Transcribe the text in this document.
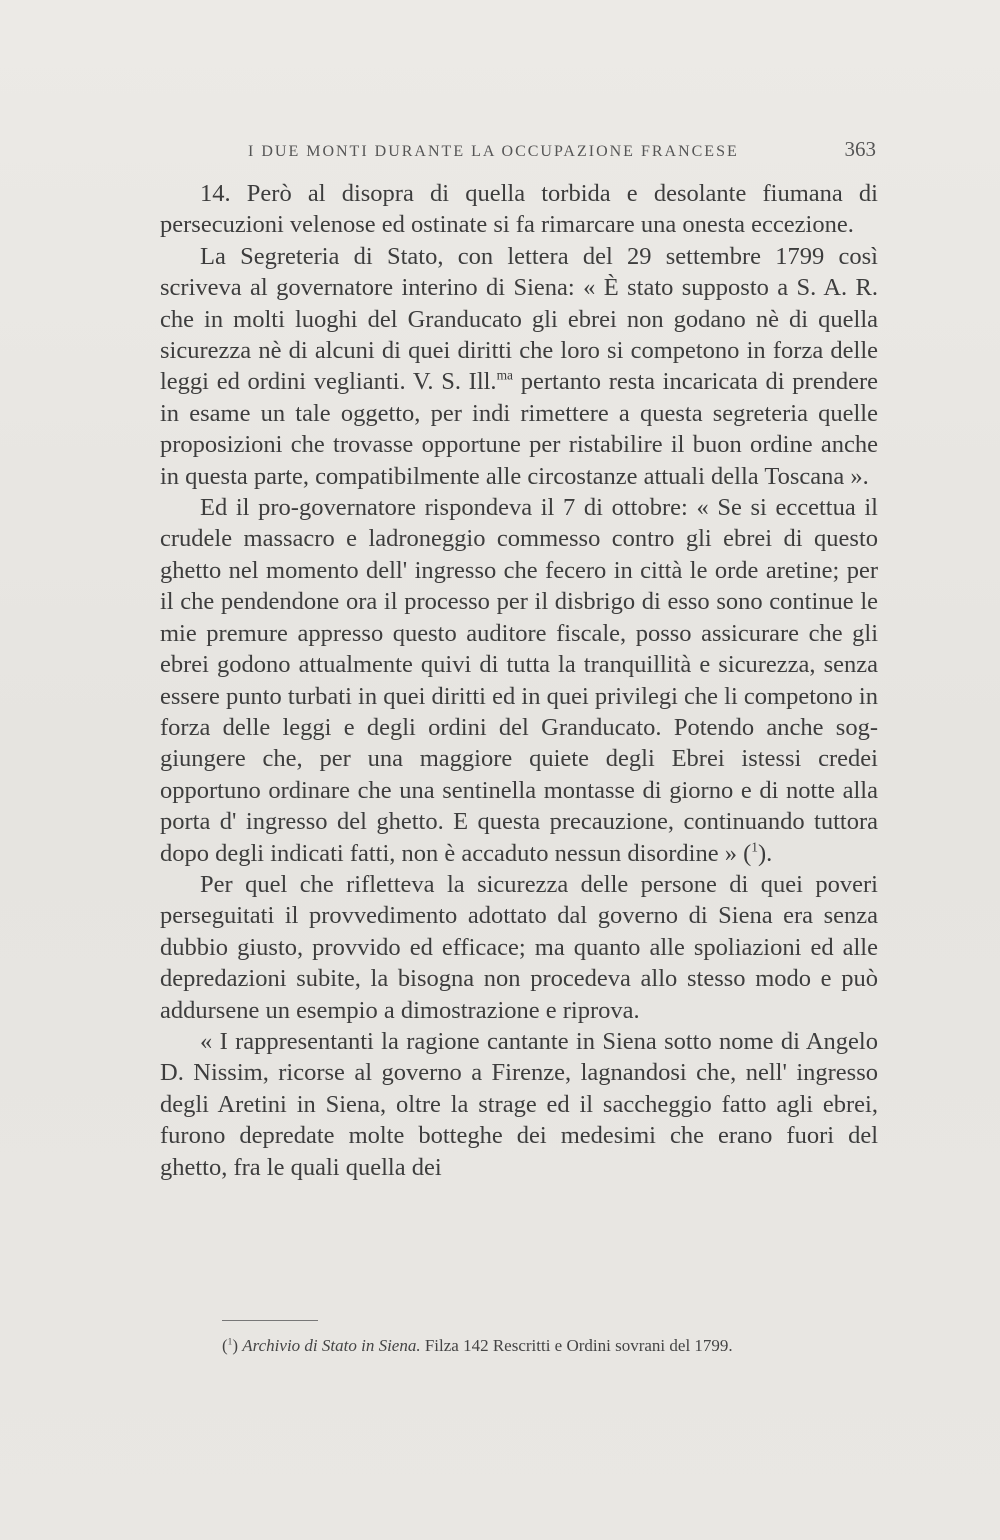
I DUE MONTI DURANTE LA OCCUPAZIONE FRANCESE	363

14. Però al disopra di quella torbida e desolante fiumana di persecuzioni velenose ed ostinate si fa rimarcare una onesta eccezione.

La Segreteria di Stato, con lettera del 29 settembre 1799 così scriveva al governatore interino di Siena: « È stato supposto a S. A. R. che in molti luoghi del Granducato gli ebrei non godano nè di quella sicurezza nè di alcuni di quei diritti che loro si competono in forza delle leggi ed ordini veglianti. V. S. Ill.$^{ma}$ pertanto resta incaricata di prendere in esame un tale oggetto, per indi rimettere a questa segreteria quelle proposizioni che trovasse opportune per ristabilire il buon ordine anche in questa parte, compatibilmente alle circostanze attuali della Toscana ».

Ed il pro-governatore rispondeva il 7 di ottobre: « Se si eccettua il crudele massacro e ladroneggio commesso contro gli ebrei di questo ghetto nel momento dell' ingresso che fecero in città le orde aretine; per il che pendendone ora il processo per il disbrigo di esso sono continue le mie premure appresso questo auditore fiscale, posso assicurare che gli ebrei godono attualmente quivi di tutta la tranquillità e sicurezza, senza essere punto turbati in quei diritti ed in quei privilegi che li competono in forza delle leggi e degli ordini del Granducato. Potendo anche soggiungere che, per una maggiore quiete degli Ebrei istessi credei opportuno ordinare che una sentinella montasse di giorno e di notte alla porta d' ingresso del ghetto. E questa precauzione, continuando tuttora dopo degli indicati fatti, non è accaduto nessun disordine » ($^1$).

Per quel che rifletteva la sicurezza delle persone di quei poveri perseguitati il provvedimento adottato dal governo di Siena era senza dubbio giusto, provvido ed efficace; ma quanto alle spoliazioni ed alle depredazioni subite, la bisogna non procedeva allo stesso modo e può addursene un esempio a dimostrazione e riprova.

« I rappresentanti la ragione cantante in Siena sotto nome di Angelo D. Nissim, ricorse al governo a Firenze, lagnandosi che, nell' ingresso degli Aretini in Siena, oltre la strage ed il saccheggio fatto agli ebrei, furono depredate molte botteghe dei medesimi che erano fuori del ghetto, fra le quali quella dei

($^1$) Archivio di Stato in Siena. Filza 142 Rescritti e Ordini sovrani del 1799.
